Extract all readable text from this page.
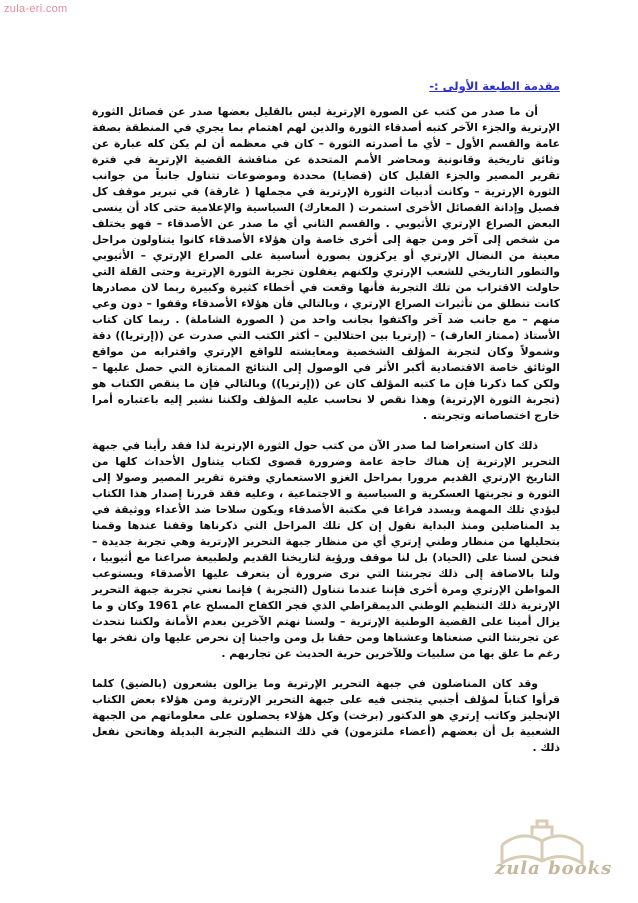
zula-eri.com
مقدمة الطبعة الأولى :-

أن ما صدر من كتب عن الصورة الإرترية ليس بالقليل بعضها صدر عن فصائل الثورة الإرترية والجزء الآخر كتبه أصدقاء الثورة والذين لهم اهتمام بما يجري في المنطقة بصفة عامة والقسم الأول – لأي ما أصدرته الثورة – كان في معظمه أن لم يكن كله عبارة عن وثائق تاريخية وقانونية ومحاضر الأمم المتحدة عن مناقشة القضية الإرترية في فترة تقرير المصير والجزء القليل كان (قضايا) محددة وموضوعات تتناول جانباً من جوانب الثورة الإرترية – وكانت أدبيات الثورة الإرترية في مجملها ( غارقة) في تبرير موقف كل فصيل وإدانة الفصائل الأخرى استمرت ( المعارك) السياسية والإعلامية حتى كاد أن ينسى البعض الصراع الإرتري الأثيوبي . والقسم الثاني أي ما صدر عن الأصدقاء – فهو يختلف من شخص إلى آخر ومن جهة إلى أخرى خاصة وان هؤلاء الأصدقاء كانوا يتناولون مراحل معينة من النضال الإرتري أو يركزون بصورة أساسية على الصراع الإرتري – الأثيوبي والتطور التاريخي للشعب الإرتري ولكنهم يغفلون تجربة الثورة الإرترية وحتى القلة التي حاولت الاقتراب من تلك التجربة فأنها وقعت في أخطاء كثيرة وكبيرة ربما لان مصادرها كانت تنطلق من تأثيرات الصراع الإرتري ، وبالتالي فأن هؤلاء الأصدقاء وقفوا – دون وعي منهم – مع جانب ضد آخر واكتفوا بجانب واحد من ( الصورة الشاملة) . ربما كان كتاب الأستاذ (ممتاز العارف) – (إرتريا بين احتلالين – أكثر الكتب التي صدرت عن ((إرتريا)) دقة وشمولاً وكان لتجربة المؤلف الشخصية ومعايشته للواقع الإرتري واقترابه من مواقع الوثائق خاصة الاقتصادية أكبر الأثر في الوصول إلى النتائج الممتازة التي حصل عليها – ولكن كما ذكرنا فإن ما كتبه المؤلف كان عن ((إرتريا)) وبالتالي فإن ما ينقص الكتاب هو (تجربة الثورة الإرترية) وهذا نقص لا نحاسب عليه المؤلف ولكننا نشير إليه باعتباره أمرا خارج اختصاصاته وتجربته .

ذلك كان استعراضا لما صدر الآن من كتب حول الثورة الإرترية لذا فقد رأينا في جبهة التحرير الإرترية إن هناك حاجة عامة وضرورة قصوى لكتاب يتناول الأحداث كلها من التاريخ الإرتري القديم مرورا بمراحل الغزو الاستعماري وفترة تقرير المصير وصولا إلى الثورة و تجربتها العسكرية و السياسية و الاجتماعية ، وعليه فقد قررنا إصدار هذا الكتاب ليؤدي تلك المهمة ويسدد فراغا في مكتبة الأصدقاء ويكون سلاحا ضد الأعداء ووثيقة في يد المناضلين ومنذ البداية نقول إن كل تلك المراحل التي ذكرناها وقفنا عندها وقمنا بتحليلها من منظار وطني إرتري أي من منظار جبهة التحرير الإرترية وهي تجربة جديدة – فنحن لسنا على (الحياد) بل لنا موقف ورؤية لتاريخنا القديم ولطبيعة صراعنا مع أثيوبيا ، ولنا بالاضافة إلى ذلك تجربتنا التي نرى ضرورة أن يتعرف عليها الأصدقاء ويستوعب المواطن الإرتري ومرة أخرى فإننا عندما نتناول (التجربة ) فإنما نعني تجربة جبهة التحرير الإرترية ذلك التنظيم الوطني الديمقراطي الذي فجر الكفاح المسلح عام 1961 وكان و ما يزال أمينا على القضية الوطنية الإرترية – ولسنا نهتم الآخرين بعدم الأمانة ولكننا نتحدث عن تجربتنا التي صنعناها وعشناها ومن حقنا بل ومن واجبنا إن نحرص عليها وان نفخر بها رغم ما علق بها من سلبيات وللآخرين حرية الحديث عن تجاربهم .

وقد كان المناضلون في جبهة التحرير الإرترية وما يزالون يشعرون (بالضيق) كلما قرأوا كتاباً لمؤلف أجنبي يتجنى فيه على جبهة التحرير الإرترية ومن هؤلاء بعض الكتاب الإنجليز وكاتب إرتري هو الدكتور (برخت) وكل هؤلاء يحصلون على معلوماتهم من الجبهة الشعبية بل أن بعضهم (أعضاء ملتزمون) في ذلك التنظيم التجربة البديلة وهاتحن نفعل ذلك .

zula books
